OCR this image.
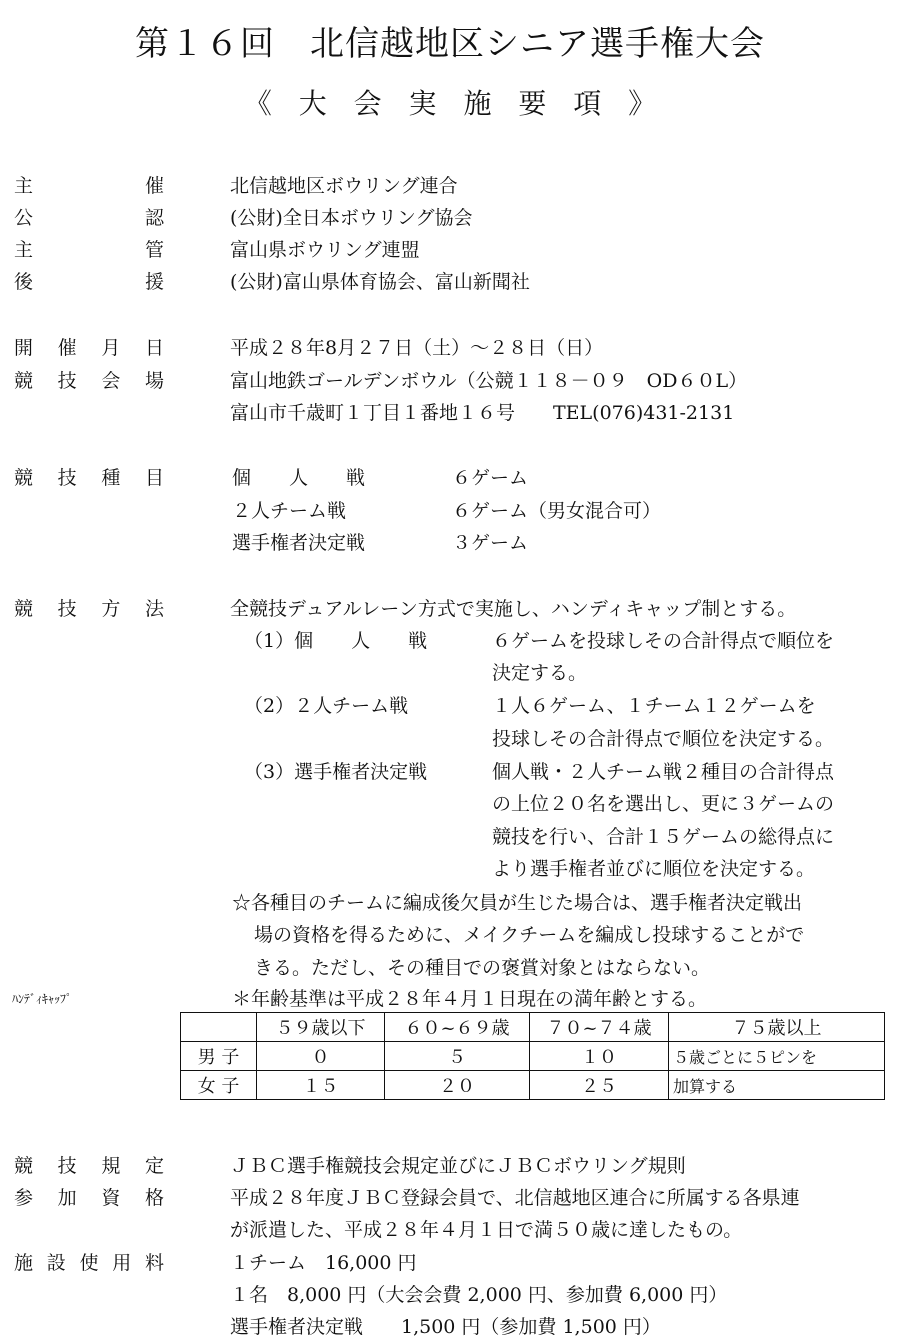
第１６回　北信越地区シニア選手権大会
《 大 会 実 施 要 項 》
主	催	北信越地区ボウリング連合
公	認	(公財)全日本ボウリング協会
主	管	富山県ボウリング連盟
後	援	(公財)富山県体育協会、富山新聞社
開 催 月 日	平成２８年8月２７日（土）～２８日（日）
競 技 会 場	富山地鉄ゴールデンボウル（公競１１８－０９　OD６０L）
富山市千歳町１丁目１番地１６号　　TEL(076)431-2131
競 技 種 目	個　　人　　戦	６ゲーム
２人チーム戦	６ゲーム（男女混合可）
選手権者決定戦	３ゲーム
競 技 方 法	全競技デュアルレーン方式で実施し、ハンディキャップ制とする。
（1）個　　人　　戦	６ゲームを投球しその合計得点で順位を
決定する。
（2）２人チーム戦	１人６ゲーム、１チーム１２ゲームを
投球しその合計得点で順位を決定する。
（3）選手権者決定戦	個人戦・２人チーム戦２種目の合計得点
の上位２０名を選出し、更に３ゲームの
競技を行い、合計１５ゲームの総得点に
より選手権者並びに順位を決定する。
☆各種目のチームに編成後欠員が生じた場合は、選手権者決定戦出
場の資格を得るために、メイクチームを編成し投球することがで
きる。ただし、その種目での褒賞対象とはならない。
ﾊﾝﾃﾞｨｷｬｯﾌﾟ	＊年齢基準は平成２８年４月１日現在の満年齢とする。
	５９歳以下	６０~６９歳	７０~７４歳	７５歳以上
男 子	０	５	１０	５歳ごとに５ピンを
女 子	１５	２０	２５	加算する
競 技 規 定	ＪＢＣ選手権競技会規定並びにＪＢＣボウリング規則
参 加 資 格	平成２８年度ＪＢＣ登録会員で、北信越地区連合に所属する各県連
が派遣した、平成２８年４月１日で満５０歳に達したもの。
施 設 使 用 料	１チーム　16,000 円
１名　8,000 円（大会会費 2,000 円、参加費 6,000 円）
選手権者決定戦　　1,500 円（参加費 1,500 円）
